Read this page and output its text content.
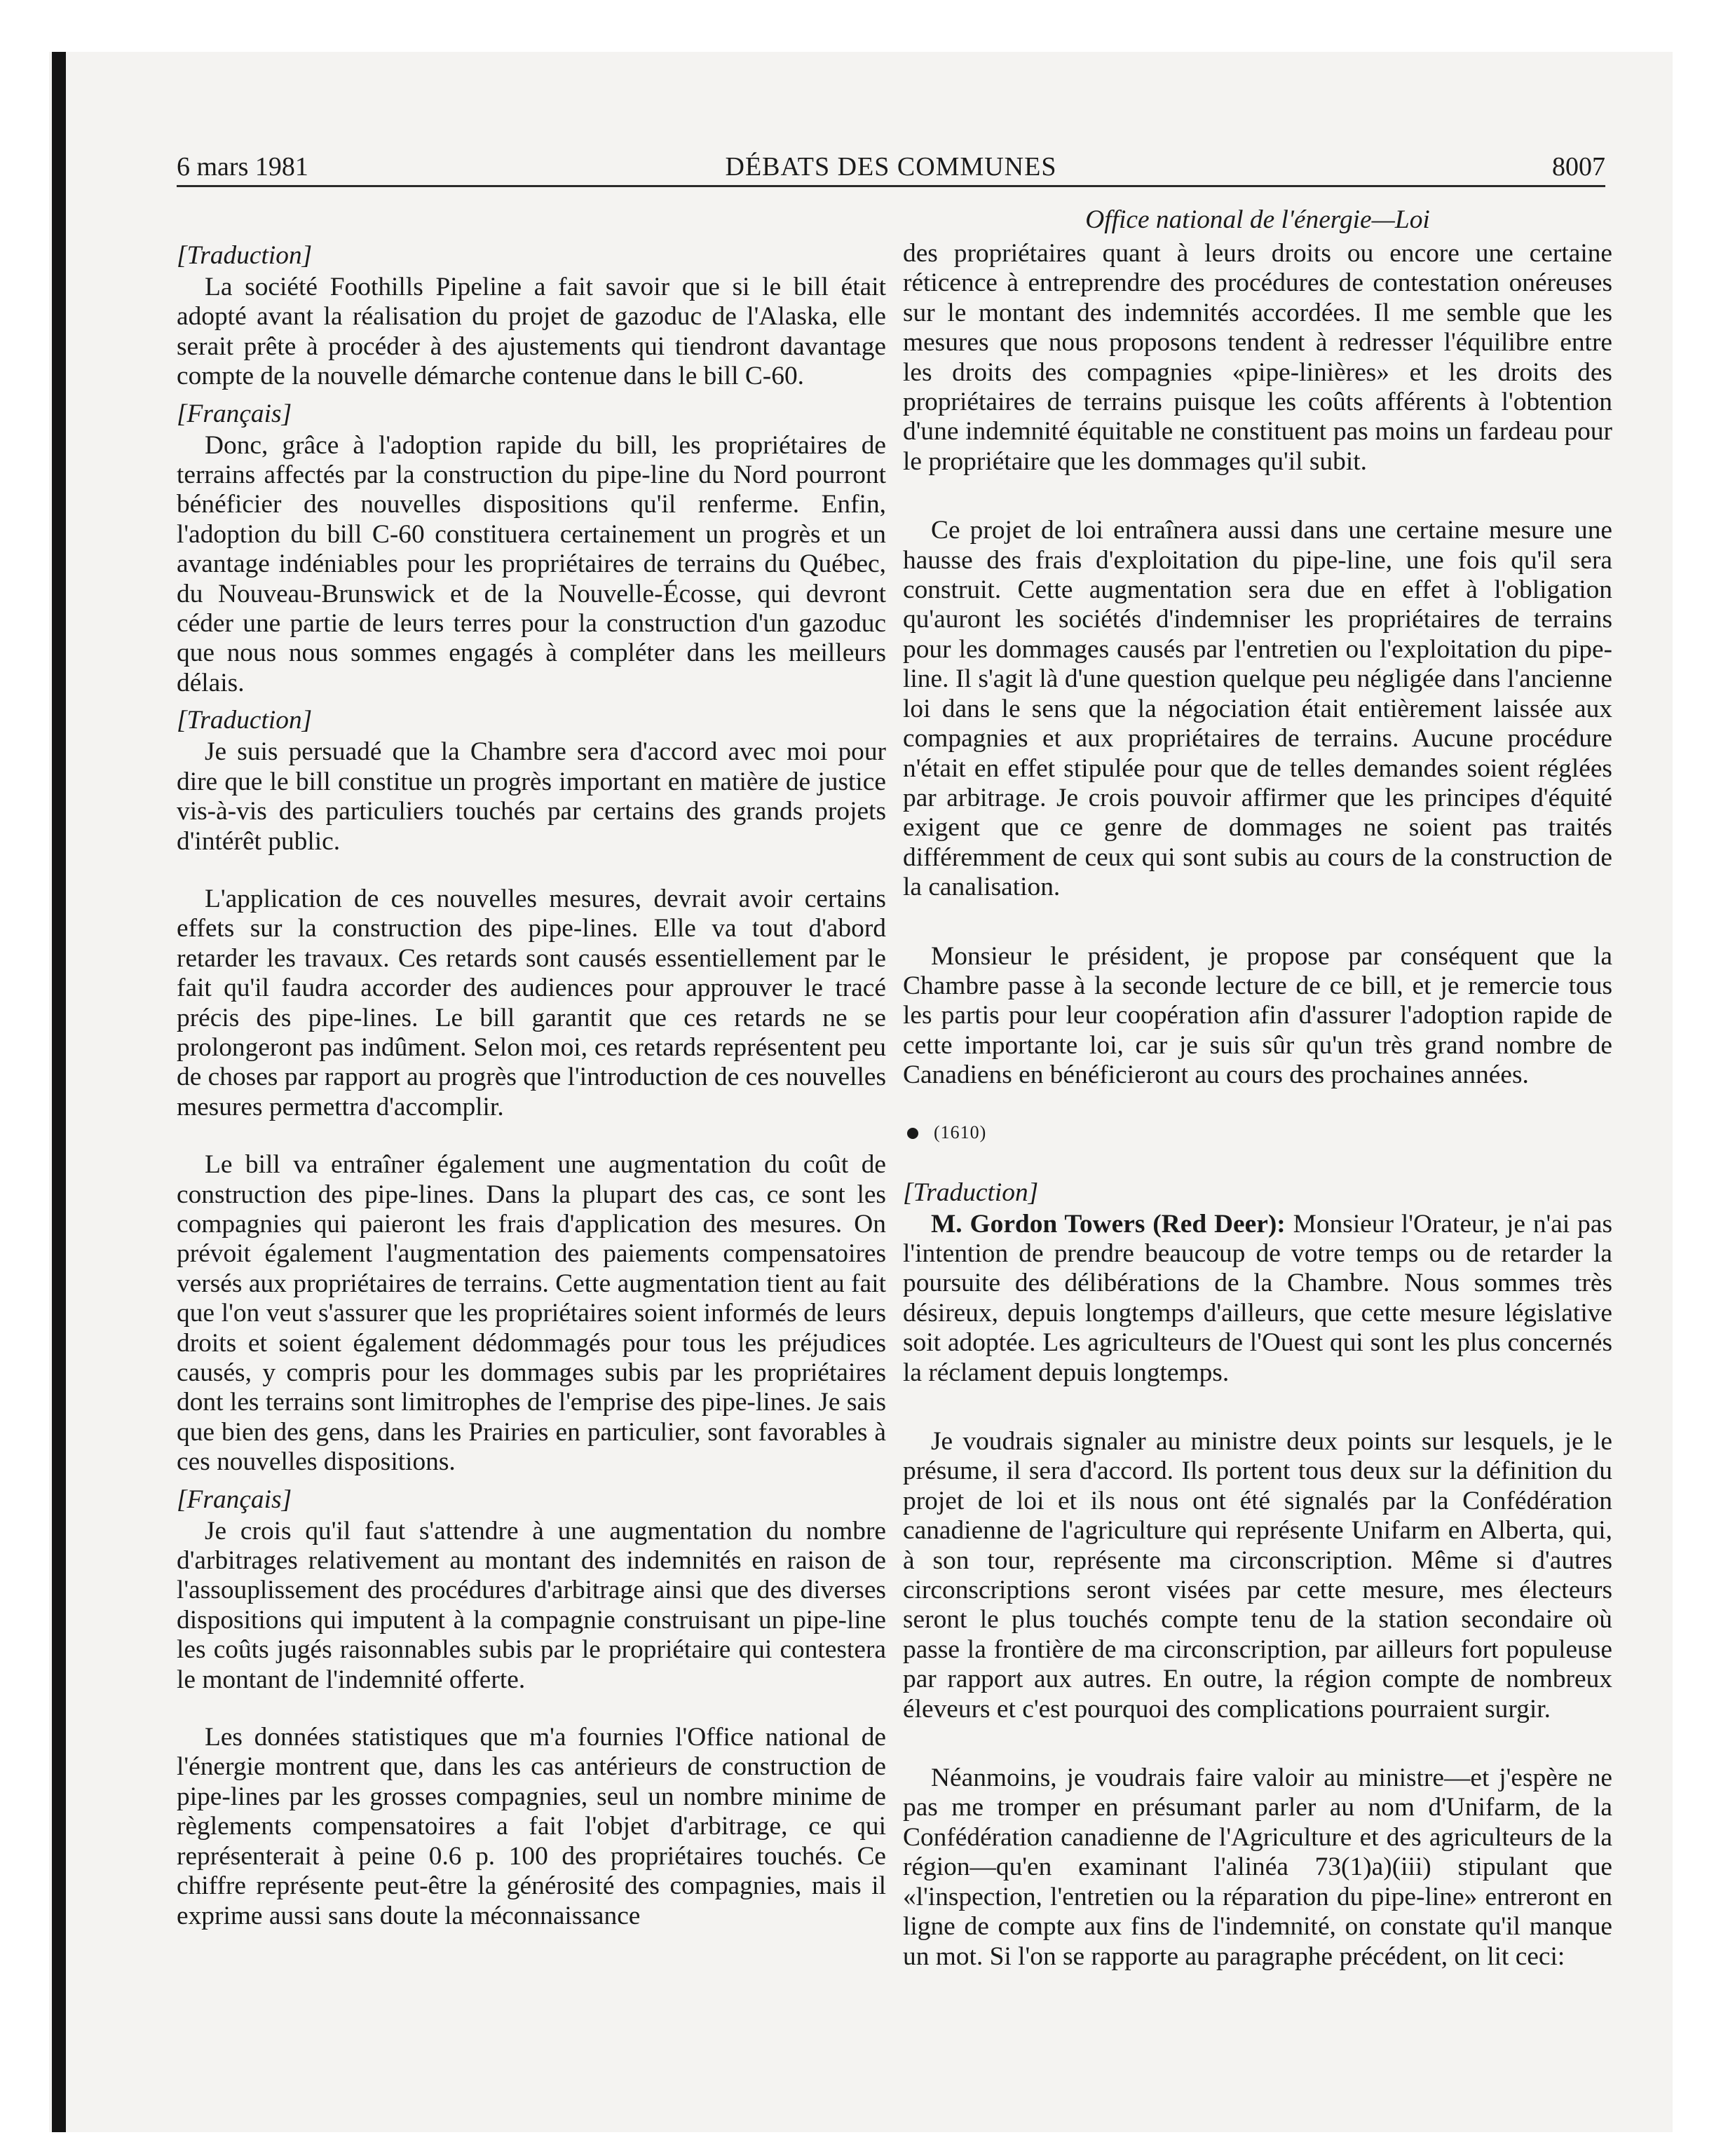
6 mars 1981	DÉBATS DES COMMUNES	8007
Office national de l'énergie—Loi
[Traduction]

La société Foothills Pipeline a fait savoir que si le bill était adopté avant la réalisation du projet de gazoduc de l'Alaska, elle serait prête à procéder à des ajustements qui tiendront davantage compte de la nouvelle démarche contenue dans le bill C-60.

[Français]

Donc, grâce à l'adoption rapide du bill, les propriétaires de terrains affectés par la construction du pipe-line du Nord pourront bénéficier des nouvelles dispositions qu'il renferme. Enfin, l'adoption du bill C-60 constituera certainement un progrès et un avantage indéniables pour les propriétaires de terrains du Québec, du Nouveau-Brunswick et de la Nouvelle-Écosse, qui devront céder une partie de leurs terres pour la construction d'un gazoduc que nous nous sommes engagés à compléter dans les meilleurs délais.

[Traduction]

Je suis persuadé que la Chambre sera d'accord avec moi pour dire que le bill constitue un progrès important en matière de justice vis-à-vis des particuliers touchés par certains des grands projets d'intérêt public.

L'application de ces nouvelles mesures, devrait avoir certains effets sur la construction des pipe-lines. Elle va tout d'abord retarder les travaux. Ces retards sont causés essentiellement par le fait qu'il faudra accorder des audiences pour approuver le tracé précis des pipe-lines. Le bill garantit que ces retards ne se prolongeront pas indûment. Selon moi, ces retards représentent peu de choses par rapport au progrès que l'introduction de ces nouvelles mesures permettra d'accomplir.

Le bill va entraîner également une augmentation du coût de construction des pipe-lines. Dans la plupart des cas, ce sont les compagnies qui paieront les frais d'application des mesures. On prévoit également l'augmentation des paiements compensatoires versés aux propriétaires de terrains. Cette augmentation tient au fait que l'on veut s'assurer que les propriétaires soient informés de leurs droits et soient également dédommagés pour tous les préjudices causés, y compris pour les dommages subis par les propriétaires dont les terrains sont limitrophes de l'emprise des pipe-lines. Je sais que bien des gens, dans les Prairies en particulier, sont favorables à ces nouvelles dispositions.

[Français]

Je crois qu'il faut s'attendre à une augmentation du nombre d'arbitrages relativement au montant des indemnités en raison de l'assouplissement des procédures d'arbitrage ainsi que des diverses dispositions qui imputent à la compagnie construisant un pipe-line les coûts jugés raisonnables subis par le propriétaire qui contestera le montant de l'indemnité offerte.

Les données statistiques que m'a fournies l'Office national de l'énergie montrent que, dans les cas antérieurs de construction de pipe-lines par les grosses compagnies, seul un nombre minime de règlements compensatoires a fait l'objet d'arbitrage, ce qui représenterait à peine 0.6 p. 100 des propriétaires touchés. Ce chiffre représente peut-être la générosité des compagnies, mais il exprime aussi sans doute la méconnaissance

des propriétaires quant à leurs droits ou encore une certaine réticence à entreprendre des procédures de contestation onéreuses sur le montant des indemnités accordées. Il me semble que les mesures que nous proposons tendent à redresser l'équilibre entre les droits des compagnies «pipe-linières» et les droits des propriétaires de terrains puisque les coûts afférents à l'obtention d'une indemnité équitable ne constituent pas moins un fardeau pour le propriétaire que les dommages qu'il subit.

Ce projet de loi entraînera aussi dans une certaine mesure une hausse des frais d'exploitation du pipe-line, une fois qu'il sera construit. Cette augmentation sera due en effet à l'obligation qu'auront les sociétés d'indemniser les propriétaires de terrains pour les dommages causés par l'entretien ou l'exploitation du pipe-line. Il s'agit là d'une question quelque peu négligée dans l'ancienne loi dans le sens que la négociation était entièrement laissée aux compagnies et aux propriétaires de terrains. Aucune procédure n'était en effet stipulée pour que de telles demandes soient réglées par arbitrage. Je crois pouvoir affirmer que les principes d'équité exigent que ce genre de dommages ne soient pas traités différemment de ceux qui sont subis au cours de la construction de la canalisation.

Monsieur le président, je propose par conséquent que la Chambre passe à la seconde lecture de ce bill, et je remercie tous les partis pour leur coopération afin d'assurer l'adoption rapide de cette importante loi, car je suis sûr qu'un très grand nombre de Canadiens en bénéficieront au cours des prochaines années.

(1610)
[Traduction]

M. Gordon Towers (Red Deer): Monsieur l'Orateur, je n'ai pas l'intention de prendre beaucoup de votre temps ou de retarder la poursuite des délibérations de la Chambre. Nous sommes très désireux, depuis longtemps d'ailleurs, que cette mesure législative soit adoptée. Les agriculteurs de l'Ouest qui sont les plus concernés la réclament depuis longtemps.

Je voudrais signaler au ministre deux points sur lesquels, je le présume, il sera d'accord. Ils portent tous deux sur la définition du projet de loi et ils nous ont été signalés par la Confédération canadienne de l'agriculture qui représente Unifarm en Alberta, qui, à son tour, représente ma circonscription. Même si d'autres circonscriptions seront visées par cette mesure, mes électeurs seront le plus touchés compte tenu de la station secondaire où passe la frontière de ma circonscription, par ailleurs fort populeuse par rapport aux autres. En outre, la région compte de nombreux éleveurs et c'est pourquoi des complications pourraient surgir.

Néanmoins, je voudrais faire valoir au ministre—et j'espère ne pas me tromper en présumant parler au nom d'Unifarm, de la Confédération canadienne de l'Agriculture et des agriculteurs de la région—qu'en examinant l'alinéa 73(1)a)(iii) stipulant que «l'inspection, l'entretien ou la réparation du pipe-line» entreront en ligne de compte aux fins de l'indemnité, on constate qu'il manque un mot. Si l'on se rapporte au paragraphe précédent, on lit ceci:
